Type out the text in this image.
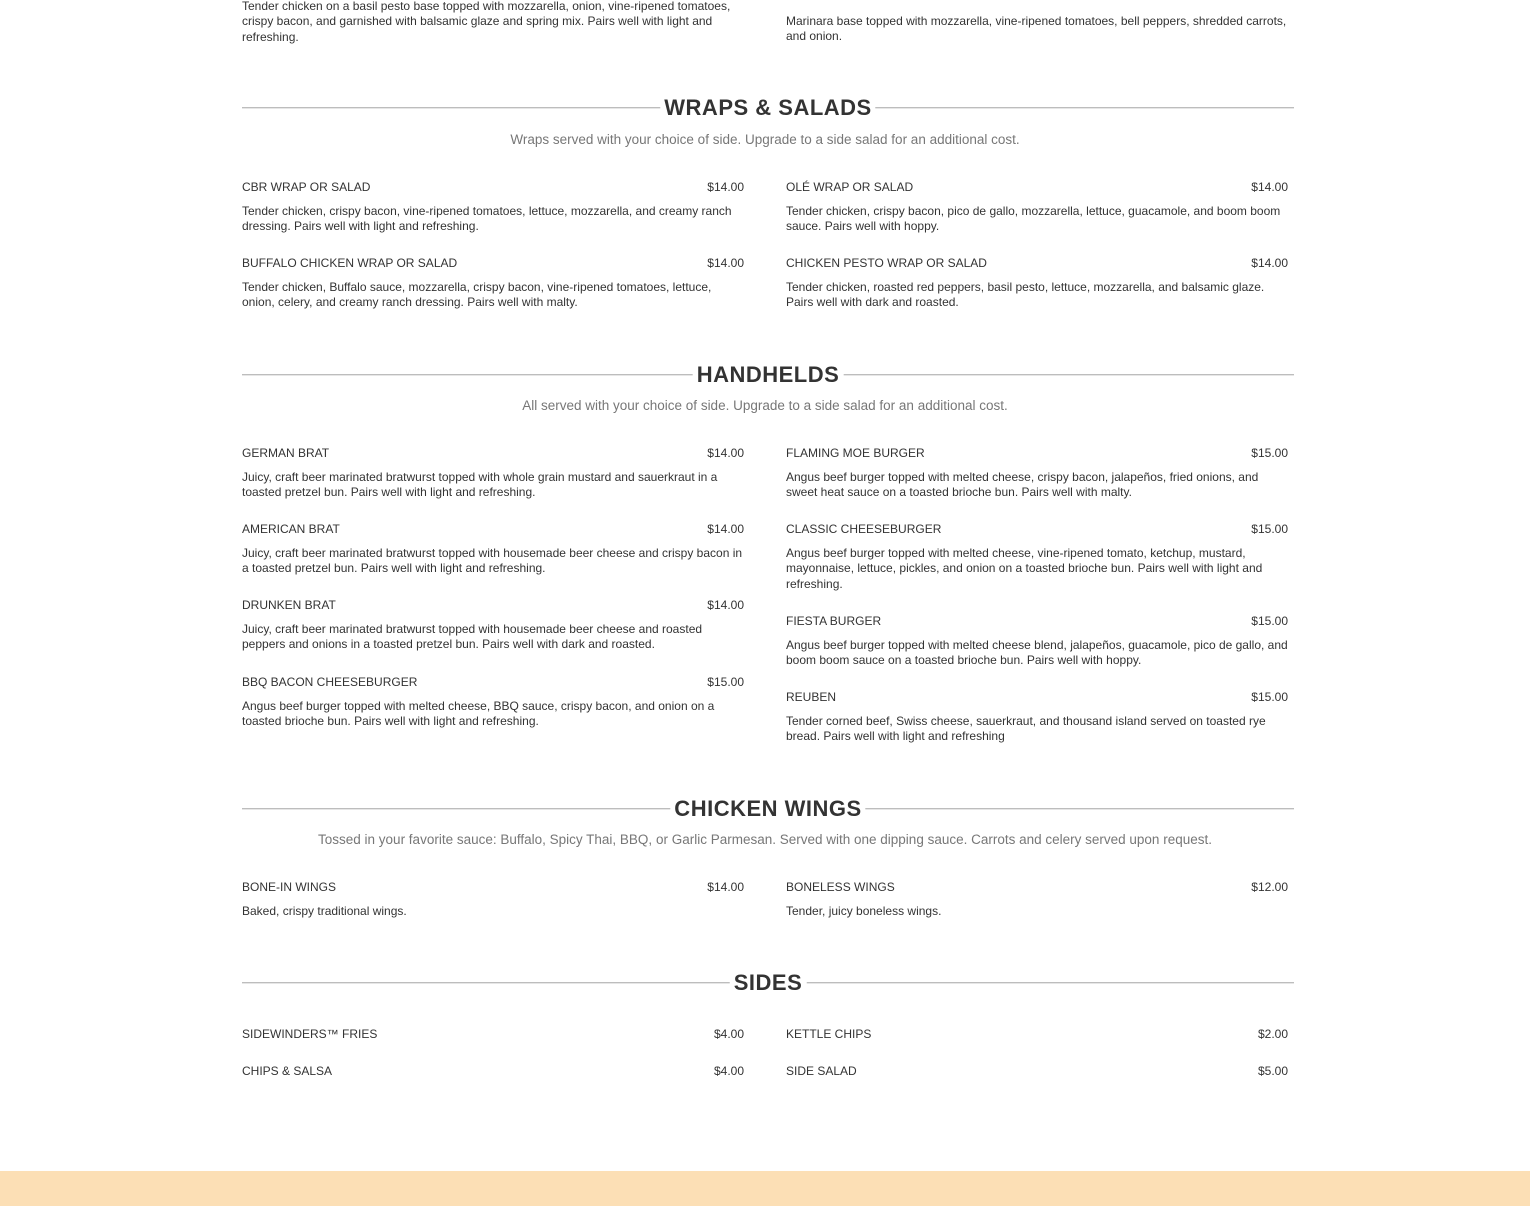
Tender chicken on a basil pesto base topped with mozzarella, onion, vine-ripened tomatoes, crispy bacon, and garnished with balsamic glaze and spring mix. Pairs well with light and refreshing.
Marinara base topped with mozzarella, vine-ripened tomatoes, bell peppers, shredded carrots, and onion.
WRAPS & SALADS
Wraps served with your choice of side. Upgrade to a side salad for an additional cost.
CBR WRAP OR SALAD	$14.00
Tender chicken, crispy bacon, vine-ripened tomatoes, lettuce, mozzarella, and creamy ranch dressing. Pairs well with light and refreshing.
OLÉ WRAP OR SALAD	$14.00
Tender chicken, crispy bacon, pico de gallo, mozzarella, lettuce, guacamole, and boom boom sauce. Pairs well with hoppy.
BUFFALO CHICKEN WRAP OR SALAD	$14.00
Tender chicken, Buffalo sauce, mozzarella, crispy bacon, vine-ripened tomatoes, lettuce, onion, celery, and creamy ranch dressing. Pairs well with malty.
CHICKEN PESTO WRAP OR SALAD	$14.00
Tender chicken, roasted red peppers, basil pesto, lettuce, mozzarella, and balsamic glaze. Pairs well with dark and roasted.
HANDHELDS
All served with your choice of side. Upgrade to a side salad for an additional cost.
GERMAN BRAT	$14.00
Juicy, craft beer marinated bratwurst topped with whole grain mustard and sauerkraut in a toasted pretzel bun. Pairs well with light and refreshing.
AMERICAN BRAT	$14.00
Juicy, craft beer marinated bratwurst topped with housemade beer cheese and crispy bacon in a toasted pretzel bun. Pairs well with light and refreshing.
DRUNKEN BRAT	$14.00
Juicy, craft beer marinated bratwurst topped with housemade beer cheese and roasted peppers and onions in a toasted pretzel bun. Pairs well with dark and roasted.
BBQ BACON CHEESEBURGER	$15.00
Angus beef burger topped with melted cheese, BBQ sauce, crispy bacon, and onion on a toasted brioche bun. Pairs well with light and refreshing.
FLAMING MOE BURGER	$15.00
Angus beef burger topped with melted cheese, crispy bacon, jalapeños, fried onions, and sweet heat sauce on a toasted brioche bun. Pairs well with malty.
CLASSIC CHEESEBURGER	$15.00
Angus beef burger topped with melted cheese, vine-ripened tomato, ketchup, mustard, mayonnaise, lettuce, pickles, and onion on a toasted brioche bun. Pairs well with light and refreshing.
FIESTA BURGER	$15.00
Angus beef burger topped with melted cheese blend, jalapeños, guacamole, pico de gallo, and boom boom sauce on a toasted brioche bun. Pairs well with hoppy.
REUBEN	$15.00
Tender corned beef, Swiss cheese, sauerkraut, and thousand island served on toasted rye bread. Pairs well with light and refreshing
CHICKEN WINGS
Tossed in your favorite sauce: Buffalo, Spicy Thai, BBQ, or Garlic Parmesan. Served with one dipping sauce. Carrots and celery served upon request.
BONE-IN WINGS	$14.00
Baked, crispy traditional wings.
BONELESS WINGS	$12.00
Tender, juicy boneless wings.
SIDES
SIDEWINDERS™ FRIES	$4.00	KETTLE CHIPS	$2.00
CHIPS & SALSA	$4.00	SIDE SALAD	$5.00
